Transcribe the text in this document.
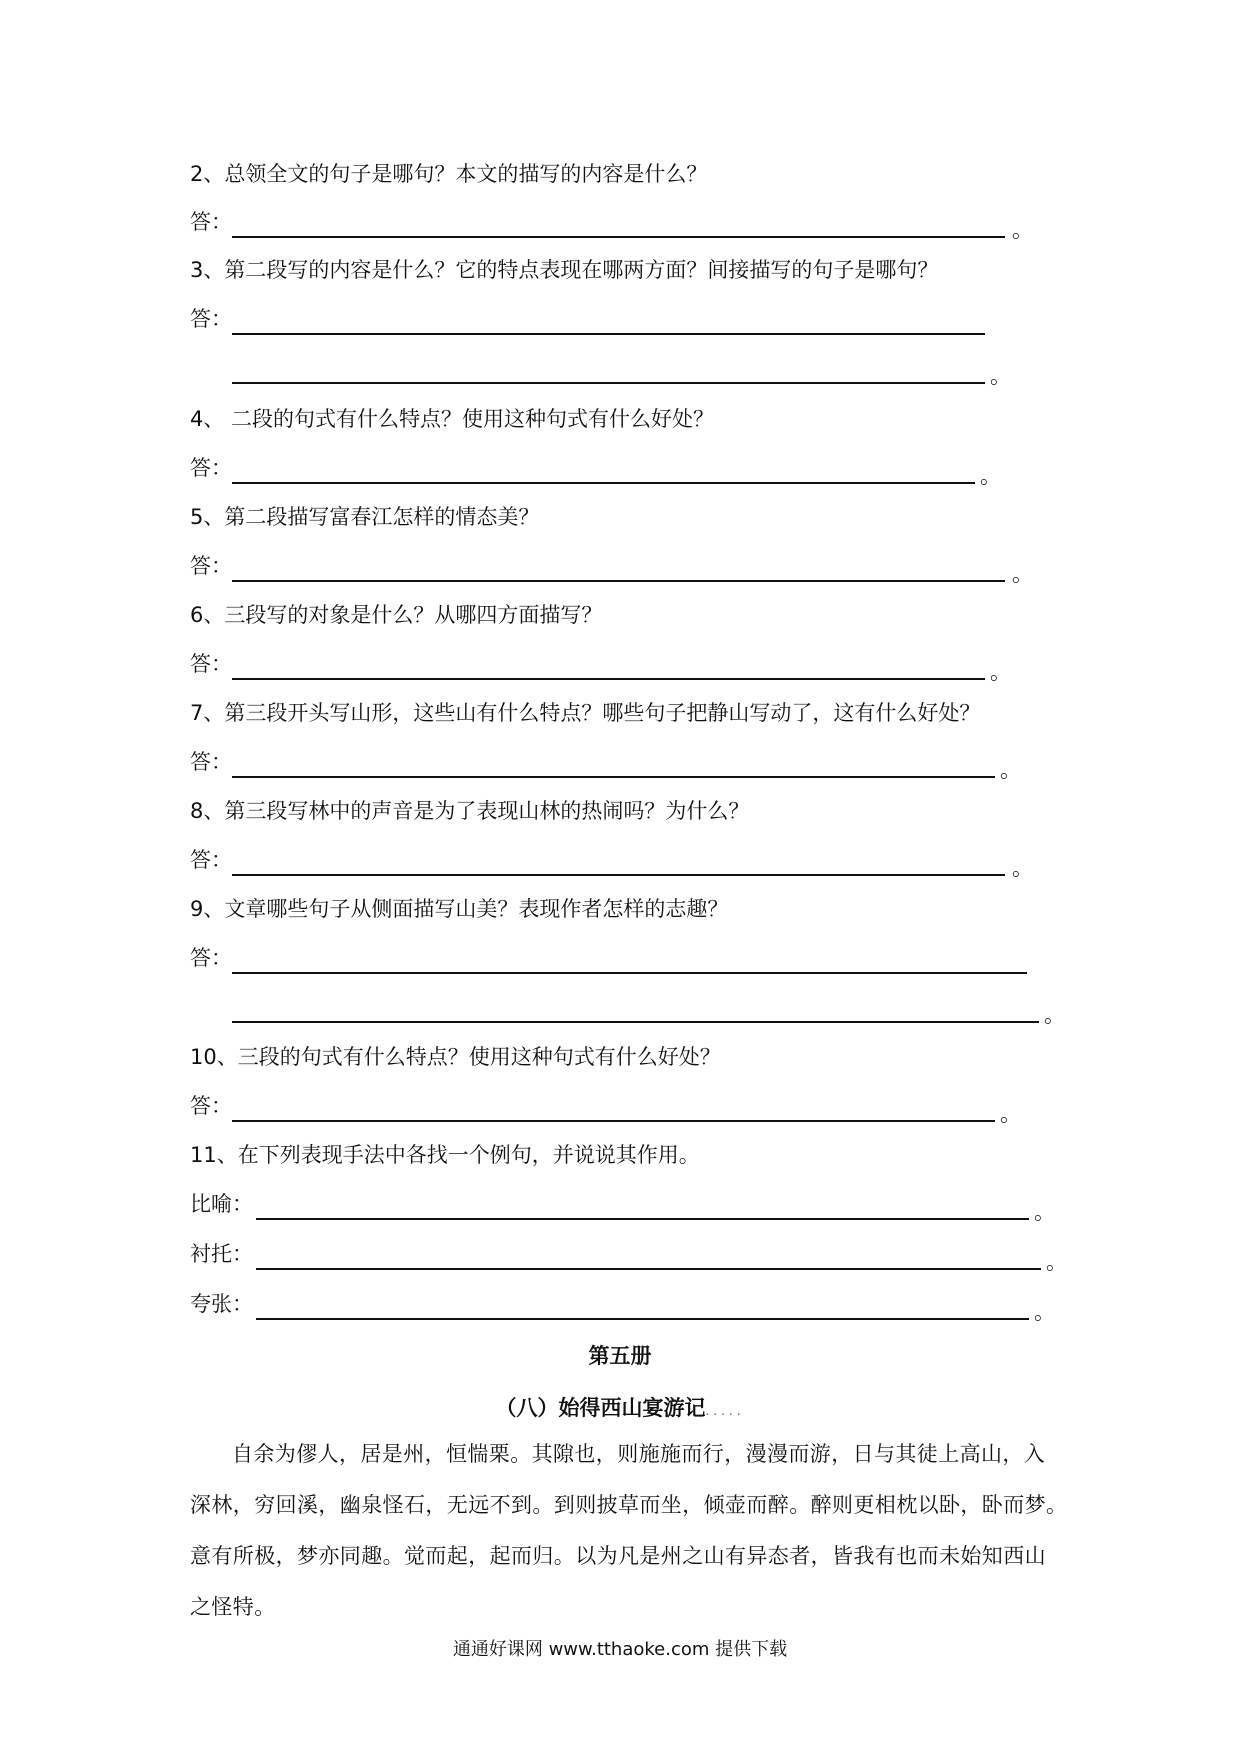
2、总领全文的句子是哪句？本文的描写的内容是什么？
答：	。
3、第二段写的内容是什么？它的特点表现在哪两方面？间接描写的句子是哪句？
答：
。
4、 二段的句式有什么特点？使用这种句式有什么好处？
答：	。
5、第二段描写富春江怎样的情态美？
答：	。
6、三段写的对象是什么？从哪四方面描写？
答：	。
7、第三段开头写山形，这些山有什么特点？哪些句子把静山写动了，这有什么好处？
答：	。
8、第三段写林中的声音是为了表现山林的热闹吗？为什么？
答：	。
9、文章哪些句子从侧面描写山美？表现作者怎样的志趣？
答：
。
10、三段的句式有什么特点？使用这种句式有什么好处？
答：	。
11、在下列表现手法中各找一个例句，并说说其作用。
比喻：	。
衬托：	。
夸张：	。
第五册
（八）始得西山宴游记.....
自余为僇人，居是州，恒惴栗。其隙也，则施施而行，漫漫而游，日与其徒上高山，入
深林，穷回溪，幽泉怪石，无远不到。到则披草而坐，倾壶而醉。醉则更相枕以卧，卧而梦。
意有所极，梦亦同趣。觉而起，起而归。以为凡是州之山有异态者，皆我有也而未始知西山
之怪特。
通通好课网 www.tthaoke.com 提供下载
